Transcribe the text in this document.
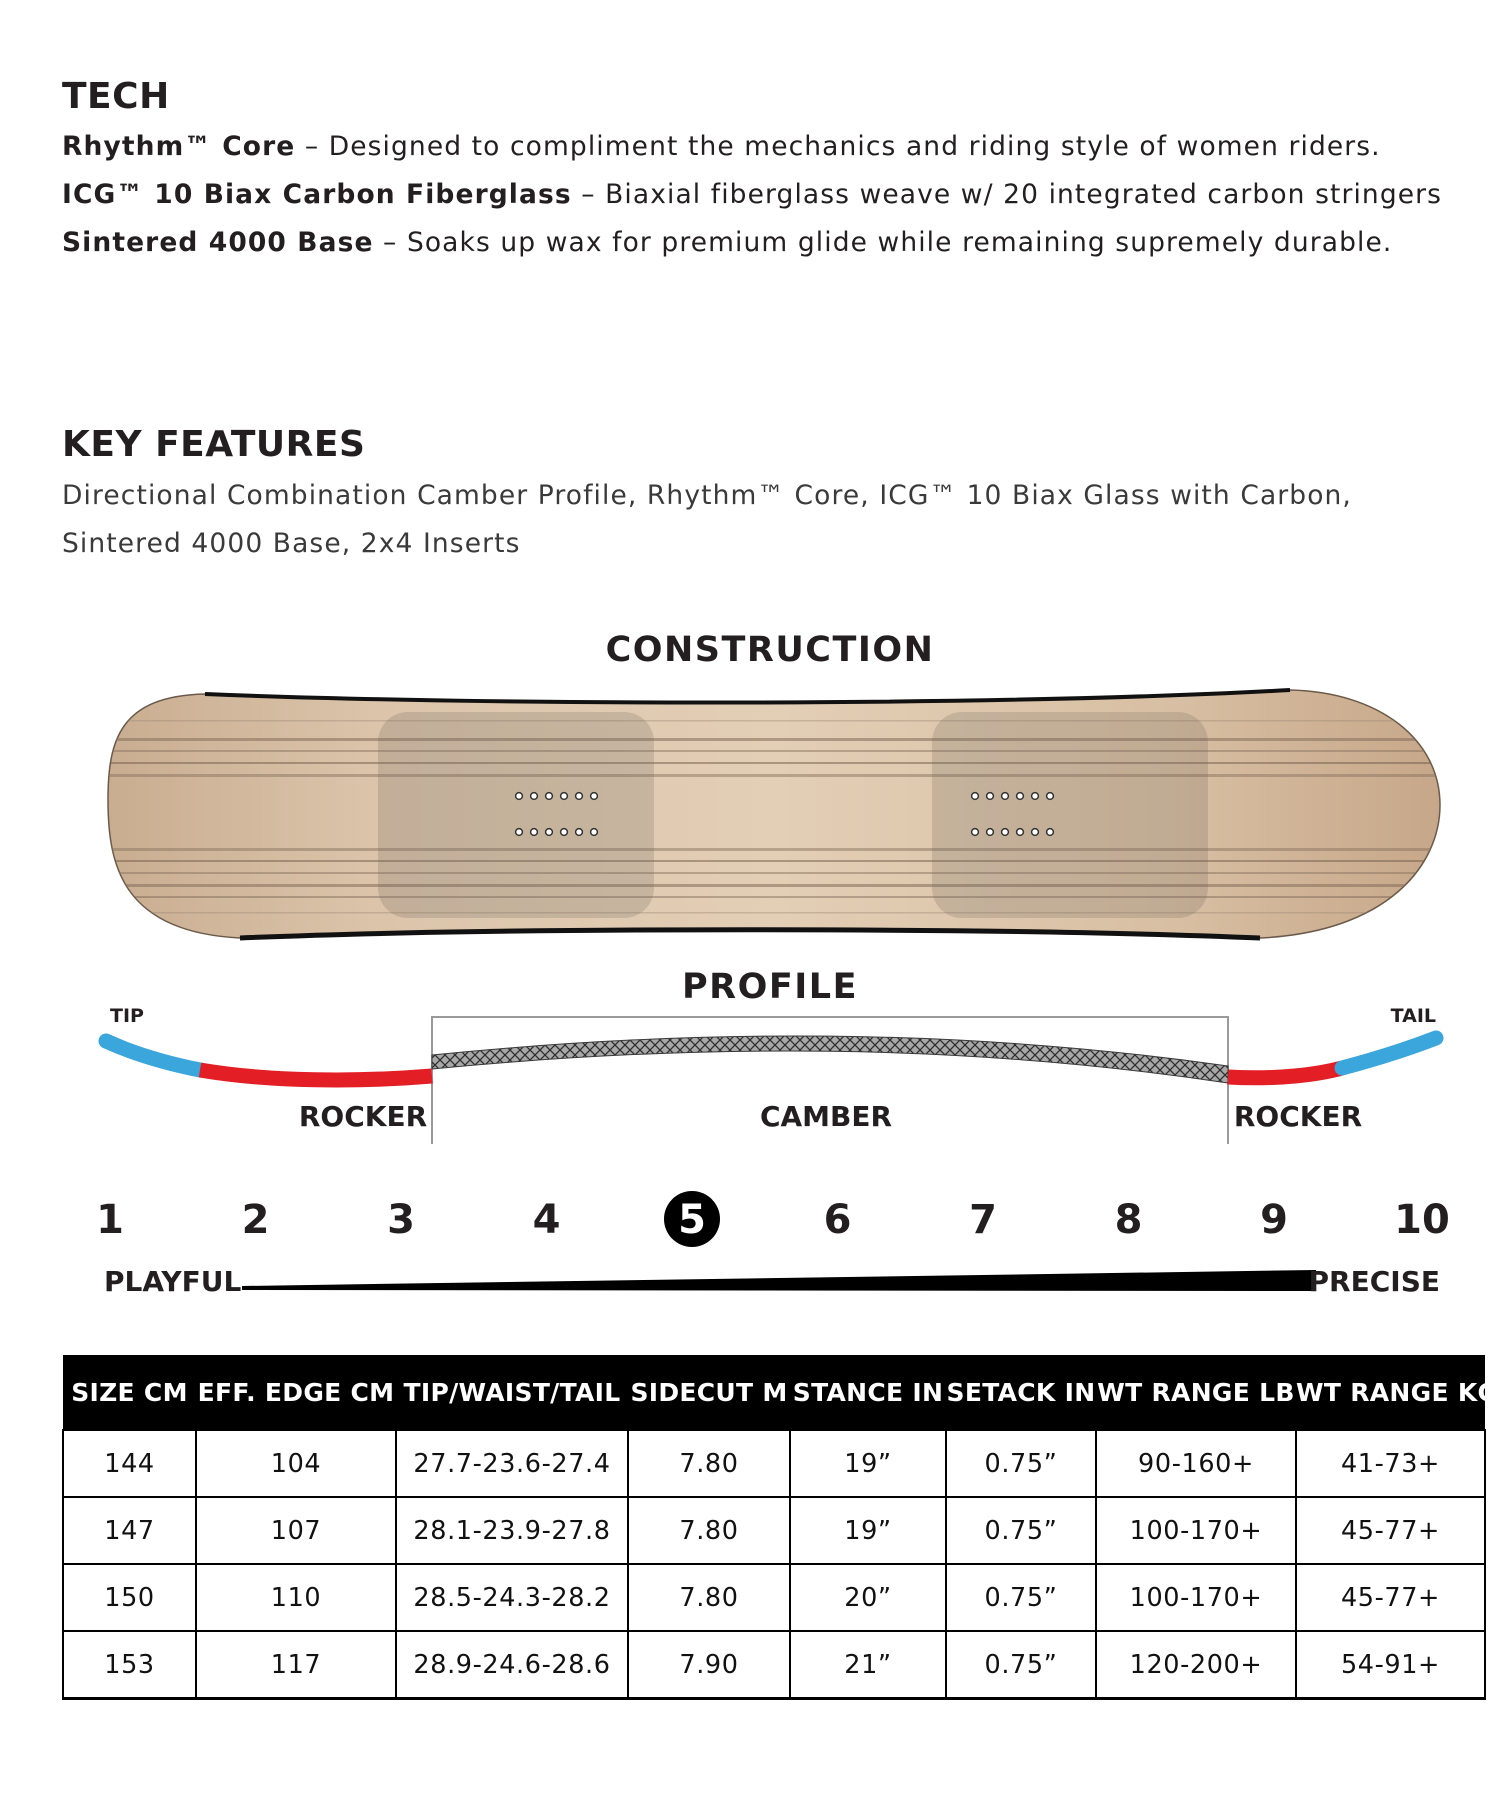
TECH

Rhythm™ Core – Designed to compliment the mechanics and riding style of women riders.

ICG™ 10 Biax Carbon Fiberglass – Biaxial fiberglass weave w/ 20 integrated carbon stringers

Sintered 4000 Base – Soaks up wax for premium glide while remaining supremely durable.

KEY FEATURES

Directional Combination Camber Profile, Rhythm™ Core, ICG™ 10 Biax Glass with Carbon,

Sintered 4000 Base, 2x4 Inserts

CONSTRUCTION
PROFILE
TIP	TAIL
ROCKER	CAMBER	ROCKER
1	2	3	4	5	6	7	8	9	10
PLAYFUL	PRECISE
SIZE CM	EFF. EDGE CM	TIP/WAIST/TAIL	SIDECUT M	STANCE IN	SETACK IN	WT RANGE LB	WT RANGE KG
144	104	27.7-23.6-27.4	7.80	19”	0.75”	90-160+	41-73+
147	107	28.1-23.9-27.8	7.80	19”	0.75”	100-170+	45-77+
150	110	28.5-24.3-28.2	7.80	20”	0.75”	100-170+	45-77+
153	117	28.9-24.6-28.6	7.90	21”	0.75”	120-200+	54-91+
